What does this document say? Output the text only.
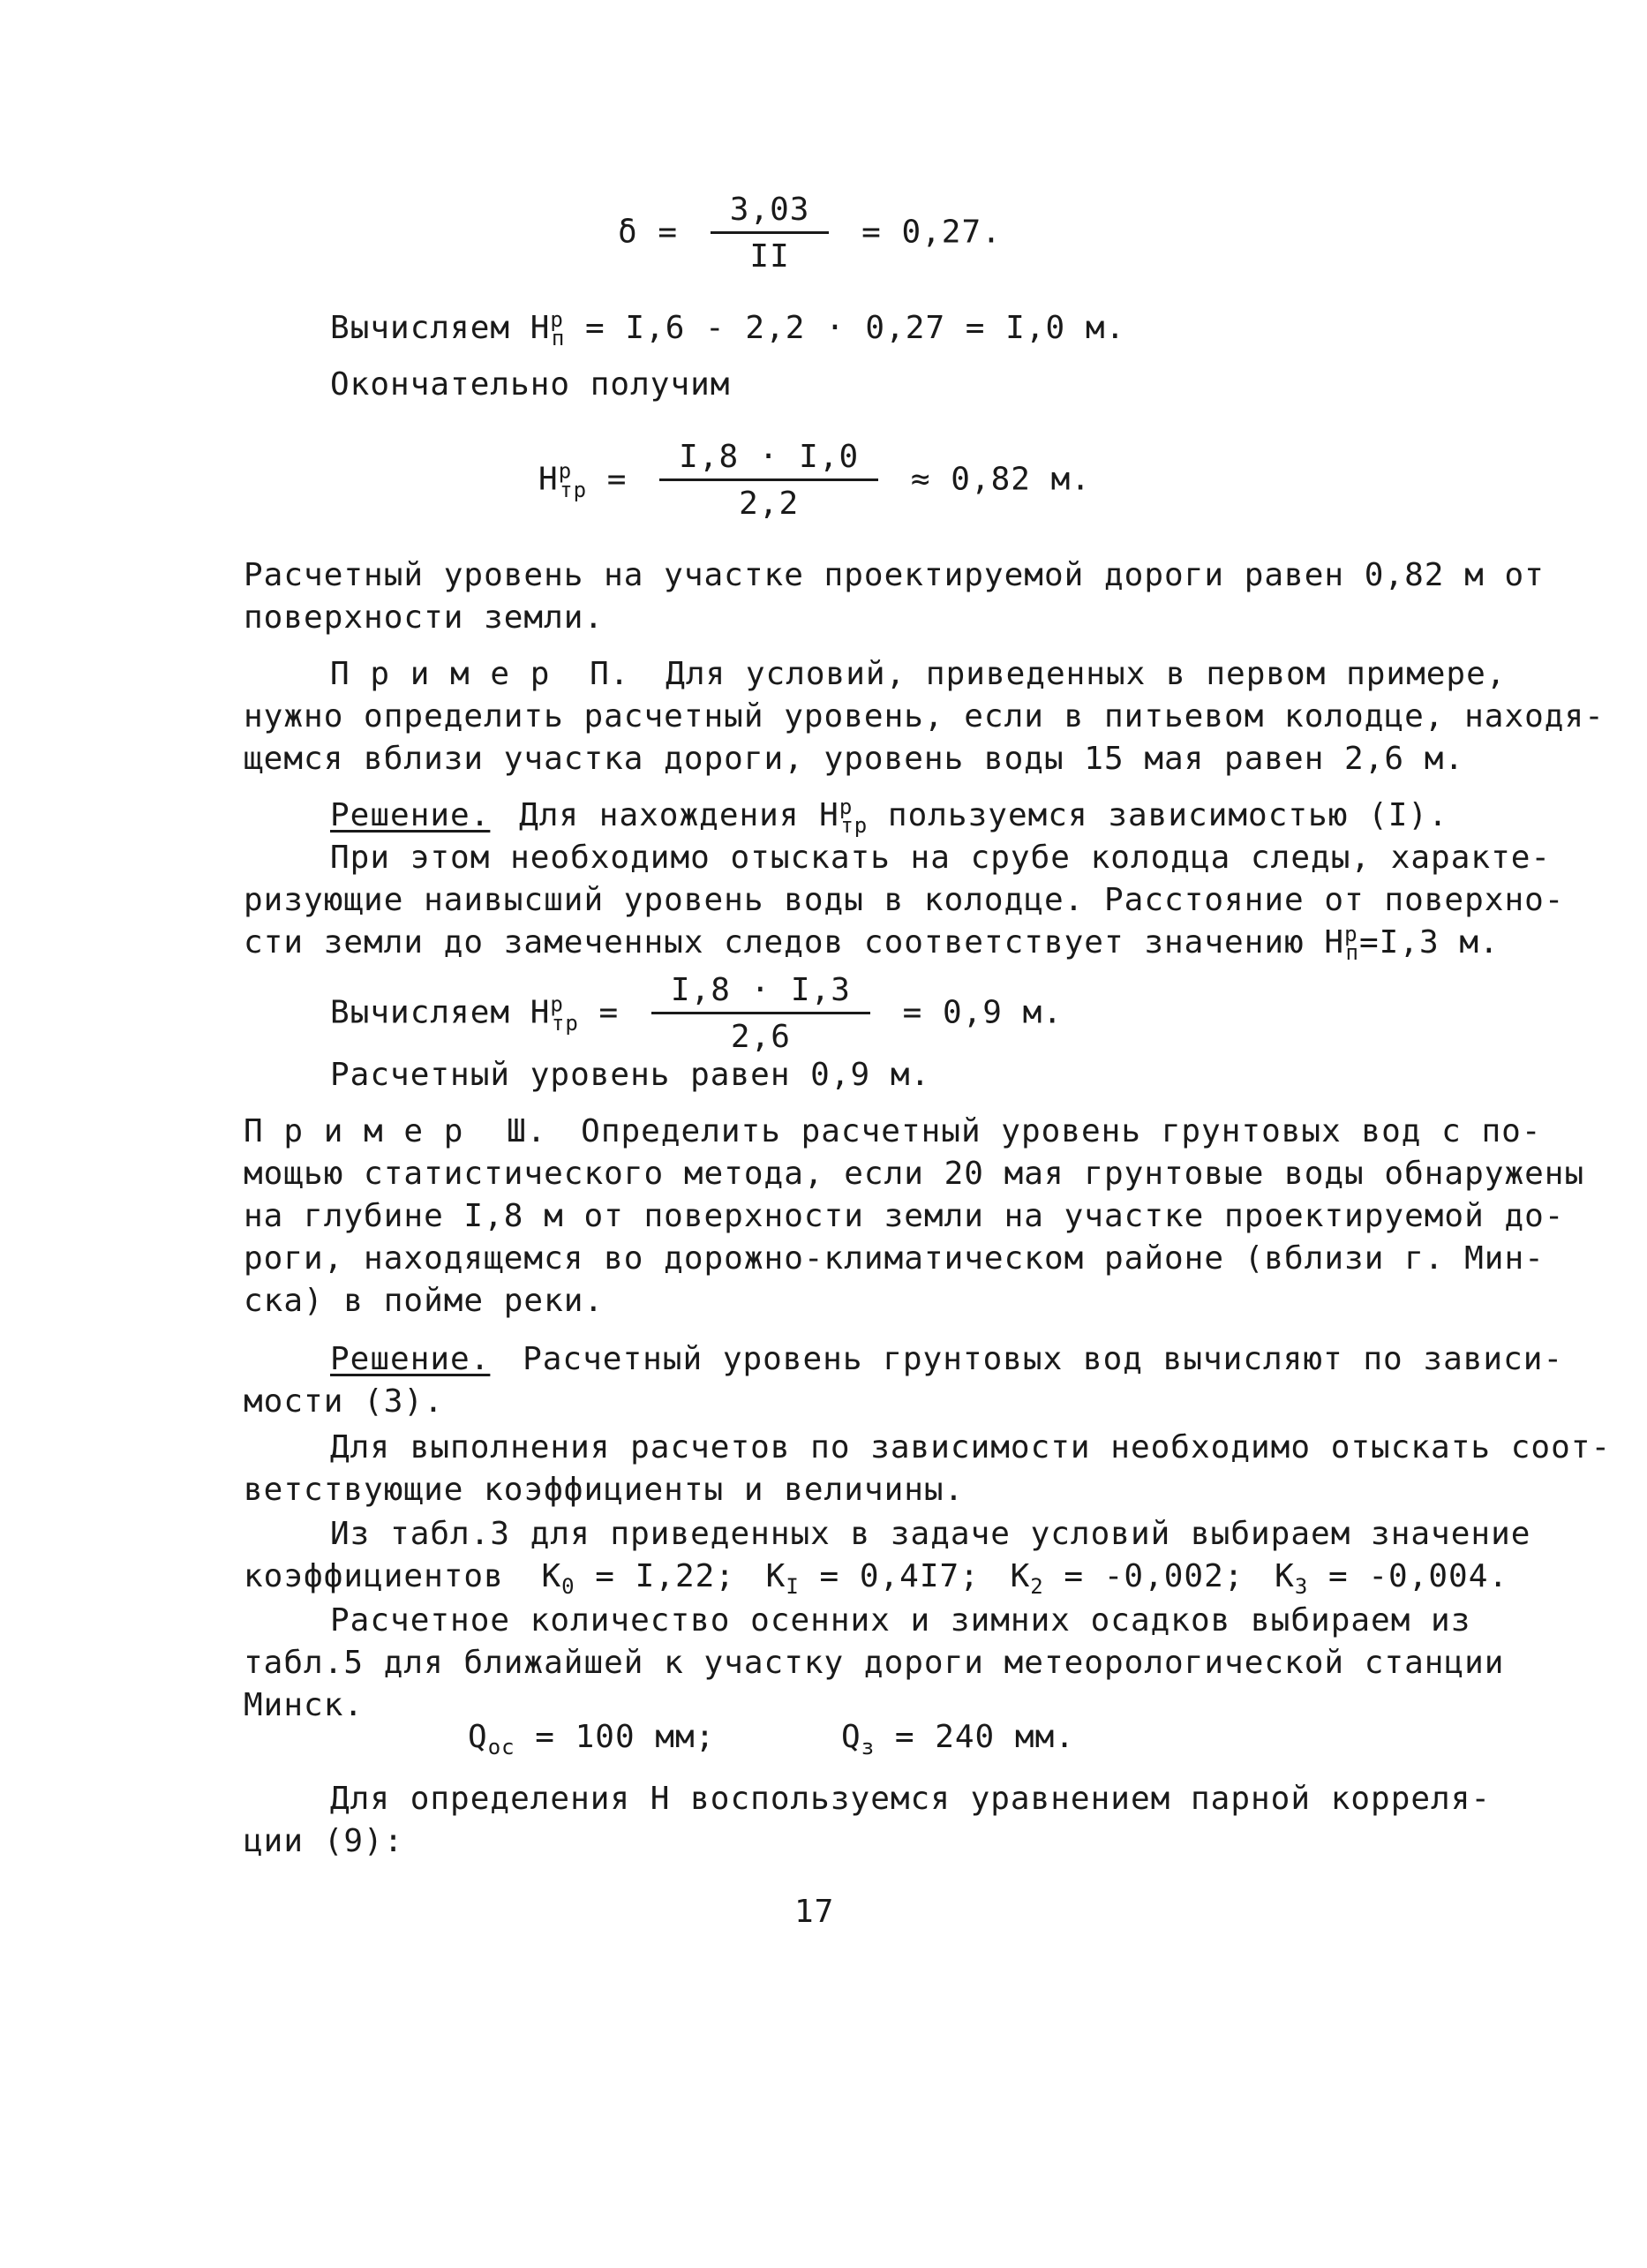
$\delta = \frac{3,03}{II} = 0,27$.
Вычисляем $H^р_п = I,6 - 2,2 \cdot 0,27 = I,0$ м.
Окончательно получим
$H^р_{тр} = \frac{I,8 \cdot I,0}{2,2} \approx 0,82$ м.
Расчетный уровень на участке проектируемой дороги равен 0,82 м от
поверхности земли.
П р и м е р П. Для условий, приведенных в первом примере,
нужно определить расчетный уровень, если в питьевом колодце, находя-
щемся вблизи участка дороги, уровень воды 15 мая равен 2,6 м.
Решение. Для нахождения $H^р_{тр}$ пользуемся зависимостью (I).
При этом необходимо отыскать на срубе колодца следы, характе-
ризующие наивысший уровень воды в колодце. Расстояние от поверхно-
сти земли до замеченных следов соответствует значению $H^р_п=I,3$ м.
Вычисляем $H^р_{тр} = \frac{I,8 \cdot I,3}{2,6} = 0,9$ м.
Расчетный уровень равен 0,9 м.
П р и м е р Ш. Определить расчетный уровень грунтовых вод с по-
мощью статистического метода, если 20 мая грунтовые воды обнаружены
на глубине I,8 м от поверхности земли на участке проектируемой до-
роги, находящемся во дорожно-климатическом районе (вблизи г. Мин-
ска) в пойме реки.
Решение. Расчетный уровень грунтовых вод вычисляют по завиcи-
мости (3).
Для выполнения расчетов по зависимости необходимо отыскать соот-
ветствующие коэффициенты и величины.
Из табл.3 для приведенных в задаче условий выбираем значение
коэффициентов $K_0 = I,22$; $K_I = 0,4I7$; $K_2 = -0,002$; $K_3 = -0,004$.
Расчетное количество осенних и зимних осадков выбираем из
табл.5 для ближайшей к участку дороги метеорологической станции
Минск.
$Q_{ос} = 100$ мм;	$Q_з = 240$ мм.
Для определения H воспользуемся уравнением парной корреля-
ции (9):
17
